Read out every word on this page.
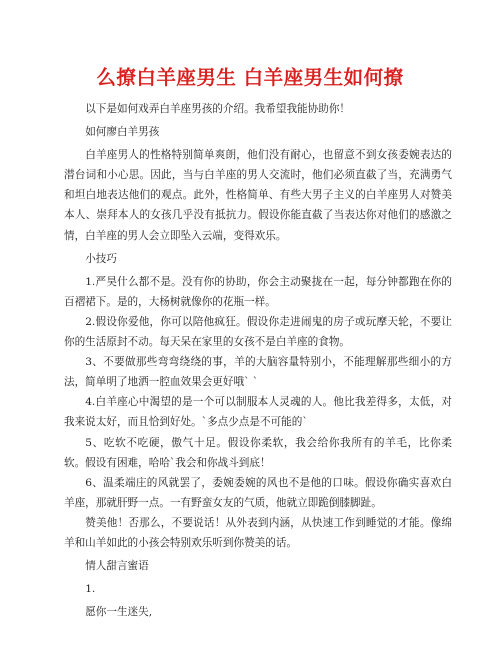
么撩白羊座男生 白羊座男生如何撩

以下是如何戏弄白羊座男孩的介绍。我希望我能协助你！

如何廖白羊男孩

白羊座男人的性格特别简单爽朗，他们没有耐心，也留意不到女孩委婉表达的潜台词和小心思。因此，当与白羊座的男人交流时，他们必须直截了当，充满勇气和坦白地表达他们的观点。此外，性格简单、有些大男子主义的白羊座男人对赞美本人、崇拜本人的女孩几乎没有抵抗力。假设你能直截了当表达你对他们的感激之情，白羊座的男人会立即坠入云端，变得欢乐。

小技巧

1.严昊什么都不是。没有你的协助，你会主动聚拢在一起，每分钟都跑在你的百褶裙下。是的，大杨树就像你的花瓶一样。

2.假设你爱他，你可以陪他疯狂。假设你走进闹鬼的房子或玩摩天轮，不要让你的生活原封不动。每天呆在家里的女孩不是白羊座的食物。

3、不要做那些弯弯绕绕的事，羊的大脑容量特别小，不能理解那些细小的方法，简单明了地洒一腔血效果会更好哦` `

4.白羊座心中渴望的是一个可以制服本人灵魂的人。他比我差得多，太低，对我来说太好，而且恰到好处。`多点少点是不可能的`

5、吃软不吃硬，傲气十足。假设你柔软，我会给你我所有的羊毛，比你柔软。假设有困难，哈哈`我会和你战斗到底！

6、温柔端庄的风就罢了，委婉委婉的风也不是他的口味。假设你确实喜欢白羊座，那就肝野一点。一有野蛮女友的气质，他就立即跪倒膝脚趾。

赞美他！否那么，不要说话！从外表到内涵，从快速工作到睡觉的才能。像绵羊和山羊如此的小孩会特别欢乐听到你赞美的话。

情人甜言蜜语

1.

愿你一生迷失,
